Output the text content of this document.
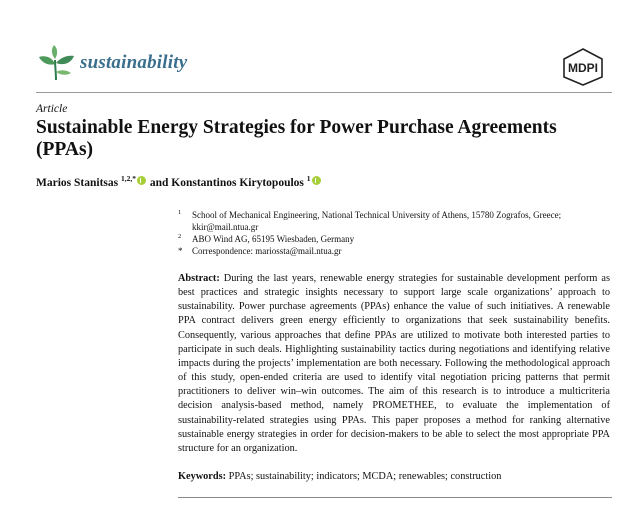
sustainability	MDPI
Article
Sustainable Energy Strategies for Power Purchase Agreements (PPAs)
Marios Stanitsas $^{1,2,*}$ and Konstantinos Kirytopoulos $^1$
1 School of Mechanical Engineering, National Technical University of Athens, 15780 Zografos, Greece; kkir@mail.ntua.gr
2 ABO Wind AG, 65195 Wiesbaden, Germany
* Correspondence: mariossta@mail.ntua.gr

Abstract: During the last years, renewable energy strategies for sustainable development perform as best practices and strategic insights necessary to support large scale organizations’ approach to sustainability. Power purchase agreements (PPAs) enhance the value of such initiatives. A renewable PPA contract delivers green energy efficiently to organizations that seek sustainability benefits. Consequently, various approaches that define PPAs are utilized to motivate both interested parties to participate in such deals. Highlighting sustainability tactics during negotiations and identifying relative impacts during the projects’ implementation are both necessary. Following the methodological approach of this study, open-ended criteria are used to identify vital negotiation pricing patterns that permit practitioners to deliver win–win outcomes. The aim of this research is to introduce a multicriteria decision analysis-based method, namely PROMETHEE, to evaluate the implementation of sustainability-related strategies using PPAs. This paper proposes a method for ranking alternative sustainable energy strategies in order for decision-makers to be able to select the most appropriate PPA structure for an organization.

Keywords: PPAs; sustainability; indicators; MCDA; renewables; construction
